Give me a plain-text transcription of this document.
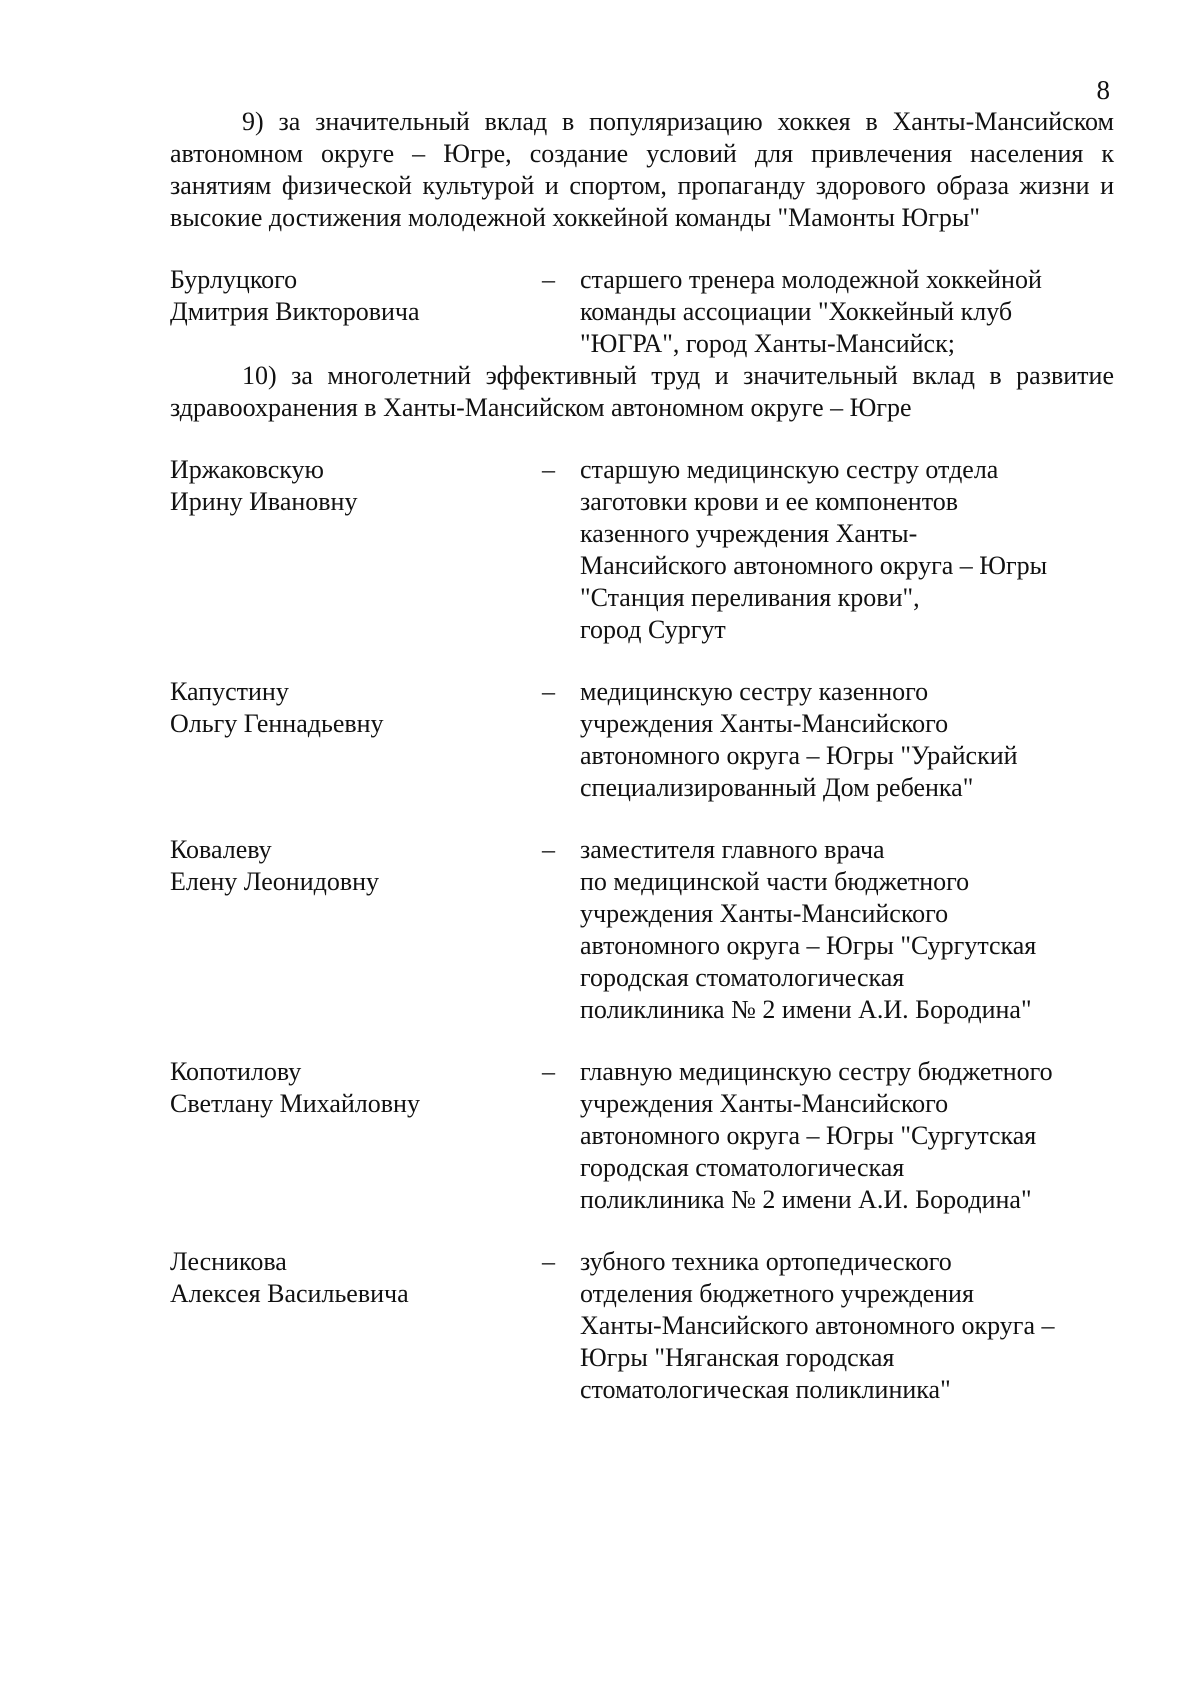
8

9) за значительный вклад в популяризацию хоккея в Ханты-Мансийском автономном округе – Югре, создание условий для привлечения населения к занятиям физической культурой и спортом, пропаганду здорового образа жизни и высокие достижения молодежной хоккейной команды "Мамонты Югры"

Бурлуцкого
Дмитрия Викторовича
– старшего тренера молодежной хоккейной
команды ассоциации "Хоккейный клуб
"ЮГРА", город Ханты-Мансийск;

10) за многолетний эффективный труд и значительный вклад в развитие здравоохранения в Ханты-Мансийском автономном округе – Югре

Иржаковскую
Ирину Ивановну
– старшую медицинскую сестру отдела
заготовки крови и ее компонентов
казенного учреждения Ханты-
Мансийского автономного округа – Югры
"Станция переливания крови",
город Сургут
Капустину
Ольгу Геннадьевну
– медицинскую сестру казенного
учреждения Ханты-Мансийского
автономного округа – Югры "Урайский
специализированный Дом ребенка"
Ковалеву
Елену Леонидовну
– заместителя главного врача
по медицинской части бюджетного
учреждения Ханты-Мансийского
автономного округа – Югры "Сургутская
городская стоматологическая
поликлиника № 2 имени А.И. Бородина"
Копотилову
Светлану Михайловну
– главную медицинскую сестру бюджетного
учреждения Ханты-Мансийского
автономного округа – Югры "Сургутская
городская стоматологическая
поликлиника № 2 имени А.И. Бородина"
Лесникова
Алексея Васильевича
– зубного техника ортопедического
отделения бюджетного учреждения
Ханты-Мансийского автономного округа –
Югры "Няганская городская
стоматологическая поликлиника"
